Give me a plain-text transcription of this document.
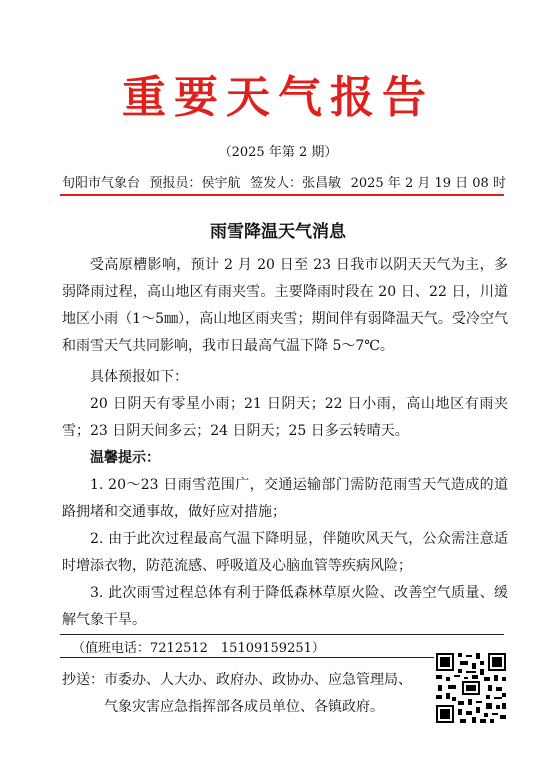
重要天气报告
（2025 年第 2 期）
旬阳市气象台 预报员：侯宇航 签发人：张昌敏 2025 年 2 月 19 日 08 时
雨雪降温天气消息
受高原槽影响，预计 2 月 20 日至 23 日我市以阴天天气为主，多弱降雨过程，高山地区有雨夹雪。主要降雨时段在 20 日、22 日，川道地区小雨（1～5㎜），高山地区雨夹雪；期间伴有弱降温天气。受冷空气和雨雪天气共同影响，我市日最高气温下降 5～7℃。
具体预报如下：
20 日阴天有零星小雨；21 日阴天；22 日小雨，高山地区有雨夹雪；23 日阴天间多云；24 日阴天；25 日多云转晴天。
温馨提示：
1. 20～23 日雨雪范围广，交通运输部门需防范雨雪天气造成的道路拥堵和交通事故，做好应对措施；
2. 由于此次过程最高气温下降明显，伴随吹风天气，公众需注意适时增添衣物，防范流感、呼吸道及心脑血管等疾病风险；
3. 此次雨雪过程总体有利于降低森林草原火险、改善空气质量、缓解气象干旱。
（值班电话：7212512　15109159251）
抄送：市委办、人大办、政府办、政协办、应急管理局、
气象灾害应急指挥部各成员单位、各镇政府。
